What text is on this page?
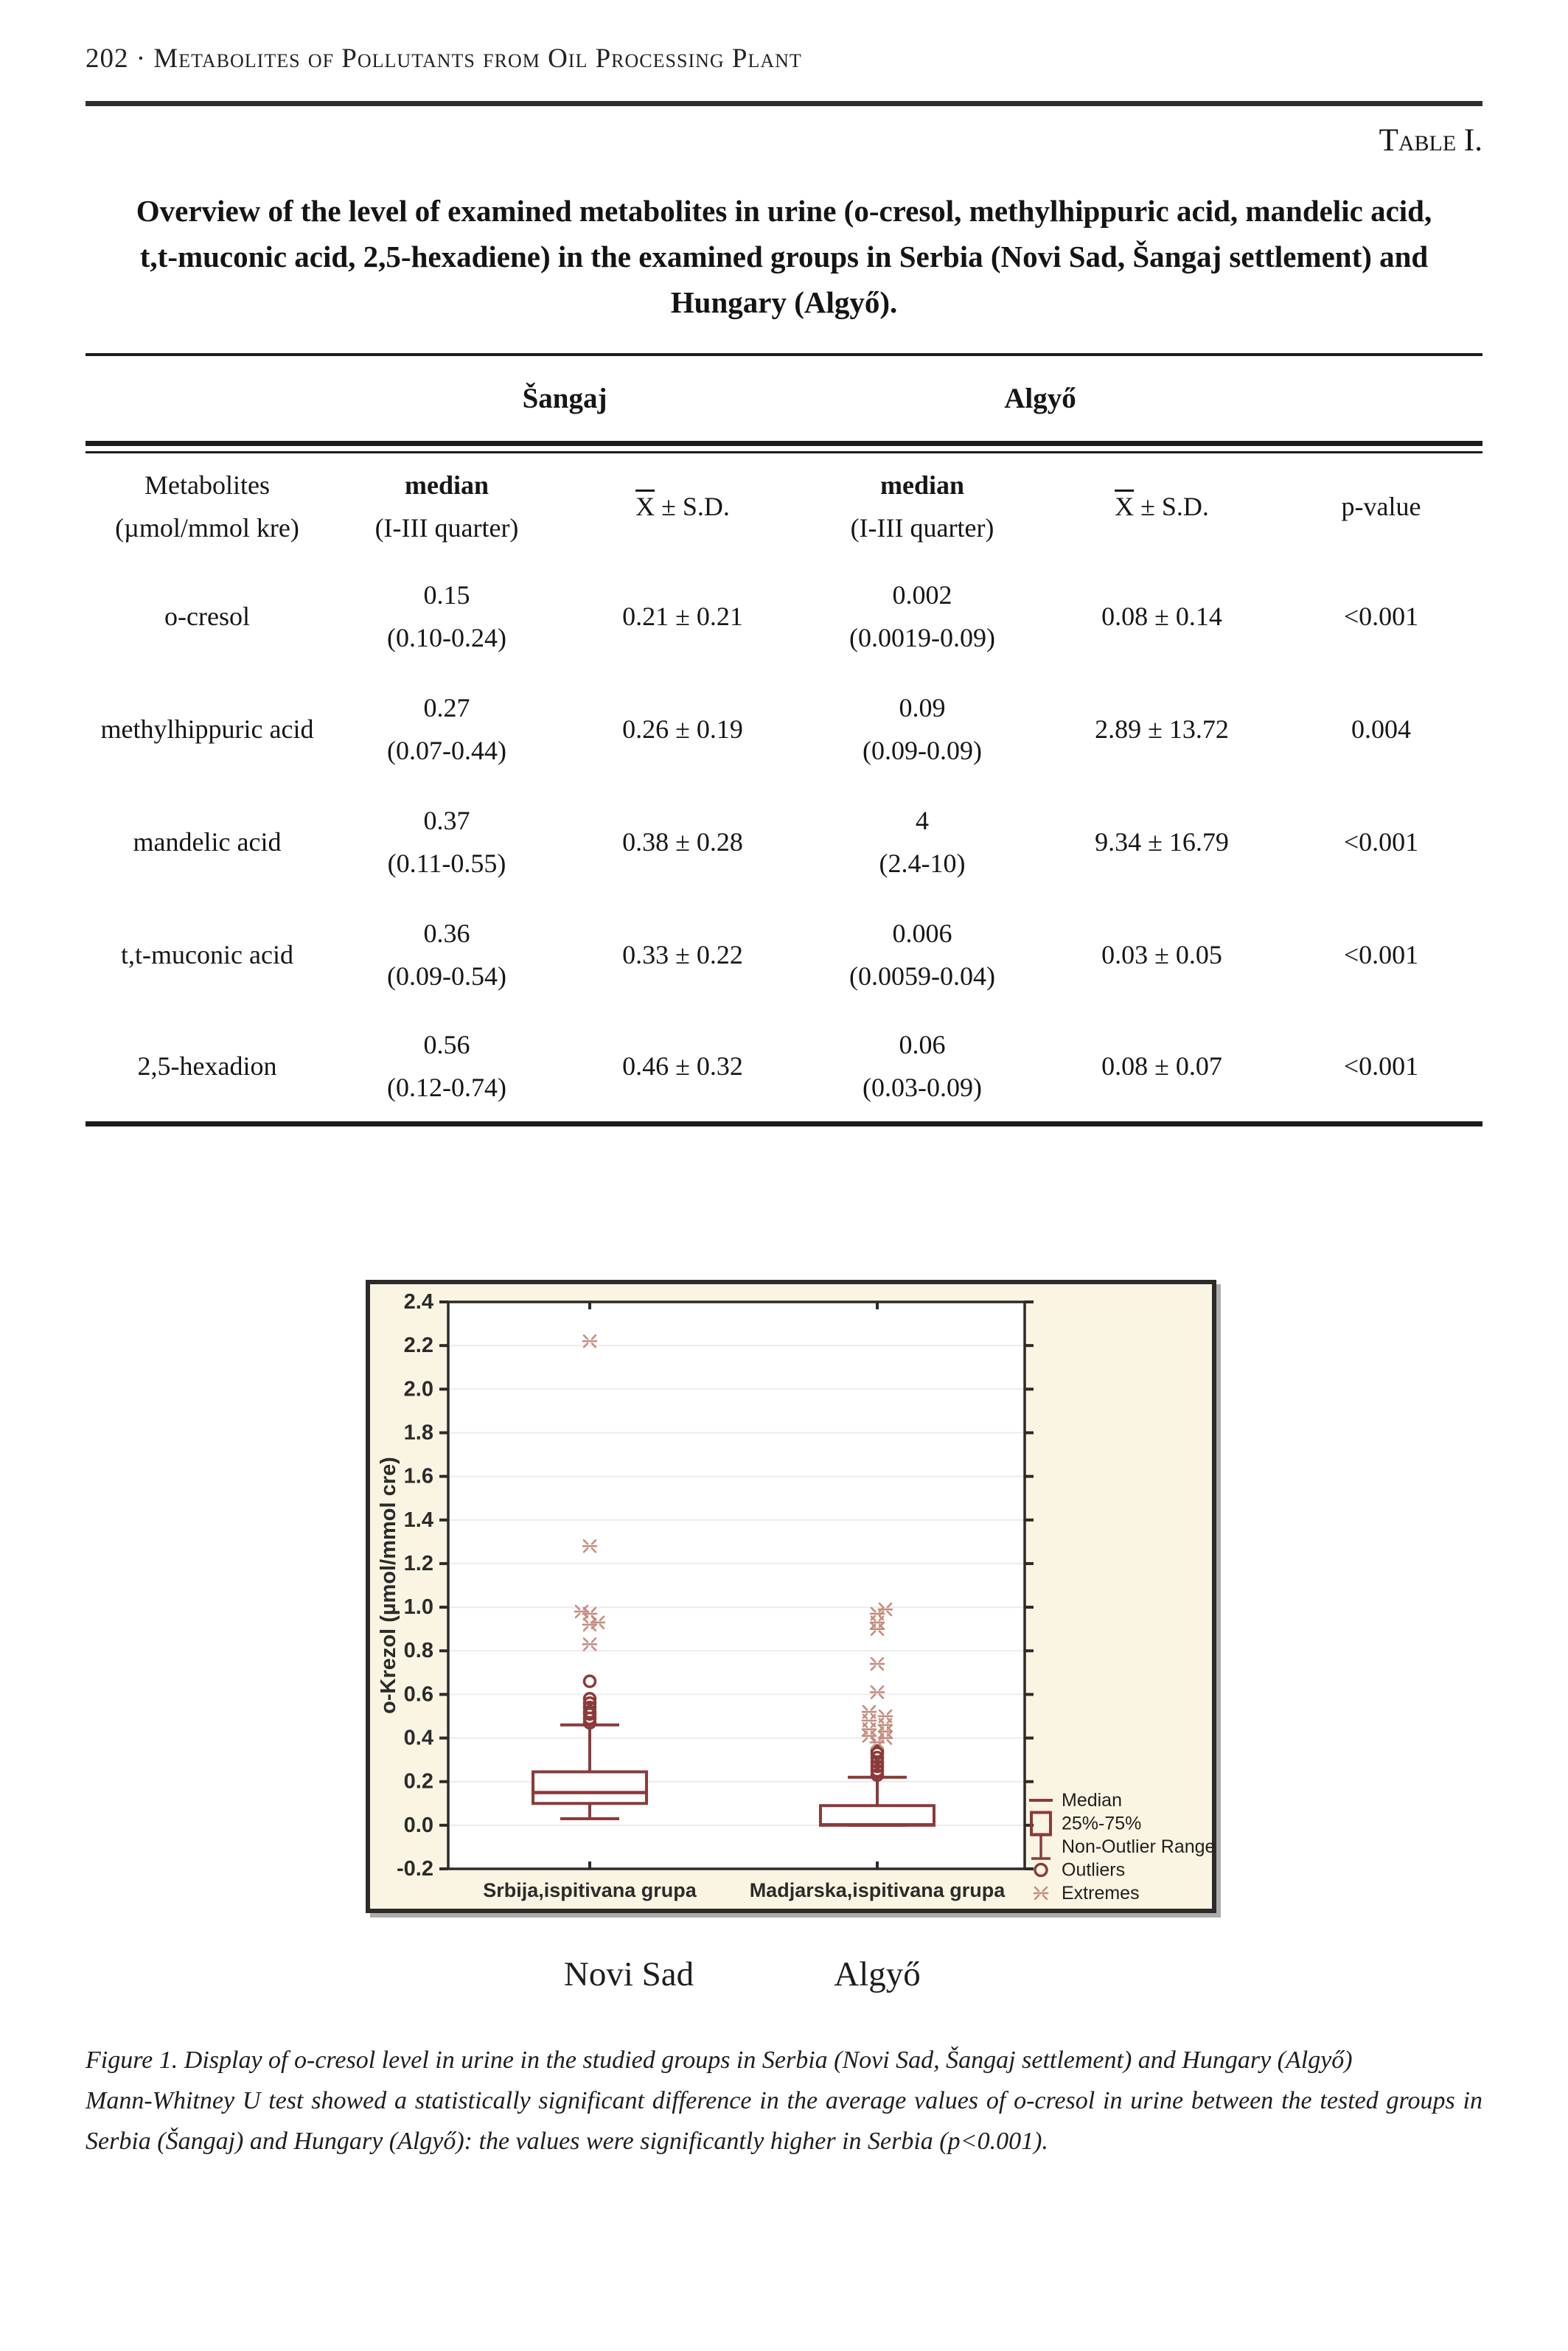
202 · Metabolites of Pollutants from Oil Processing Plant
Table I.

Overview of the level of examined metabolites in urine (o-cresol, methylhippuric acid, mandelic acid, t,t-muconic acid, 2,5-hexadiene) in the examined groups in Serbia (Novi Sad, Šangaj settlement) and Hungary (Algyő).

	Šangaj		Algyő		

Metabolites
(µmol/mmol kre)	median
(I-III quarter)	$\overline{X} \pm S.D$.	median
(I-III quarter)	$\overline{X} \pm S.D$.	p-value
o-cresol	0.15
(0.10-0.24)	0.21 ± 0.21	0.002
(0.0019-0.09)	0.08 ± 0.14	<0.001
methylhippuric acid	0.27
(0.07-0.44)	0.26 ± 0.19	0.09
(0.09-0.09)	2.89 ± 13.72	0.004
mandelic acid	0.37
(0.11-0.55)	0.38 ± 0.28	4
(2.4-10)	9.34 ± 16.79	<0.001
t,t-muconic acid	0.36
(0.09-0.54)	0.33 ± 0.22	0.006
(0.0059-0.04)	0.03 ± 0.05	<0.001
2,5-hexadion	0.56
(0.12-0.74)	0.46 ± 0.32	0.06
(0.03-0.09)	0.08 ± 0.07	<0.001
-0.2
0.0
0.2
0.4
0.6
0.8
1.0
1.2
1.4
1.6
1.8
2.0
2.2
2.4
o-Krezol (µmol/mmol cre)
Srbija,ispitivana grupa	Madjarska,ispitivana grupa
Median
25%-75%
Non-Outlier Range
Outliers
Extremes
Novi Sad	Algyő

Figure 1. Display of o-cresol level in urine in the studied groups in Serbia (Novi Sad, Šangaj settlement) and Hungary (Algyő)

Mann-Whitney U test showed a statistically significant difference in the average values of o-cresol in urine between the tested groups in Serbia (Šangaj) and Hungary (Algyő): the values were significantly higher in Serbia (p<0.001).
